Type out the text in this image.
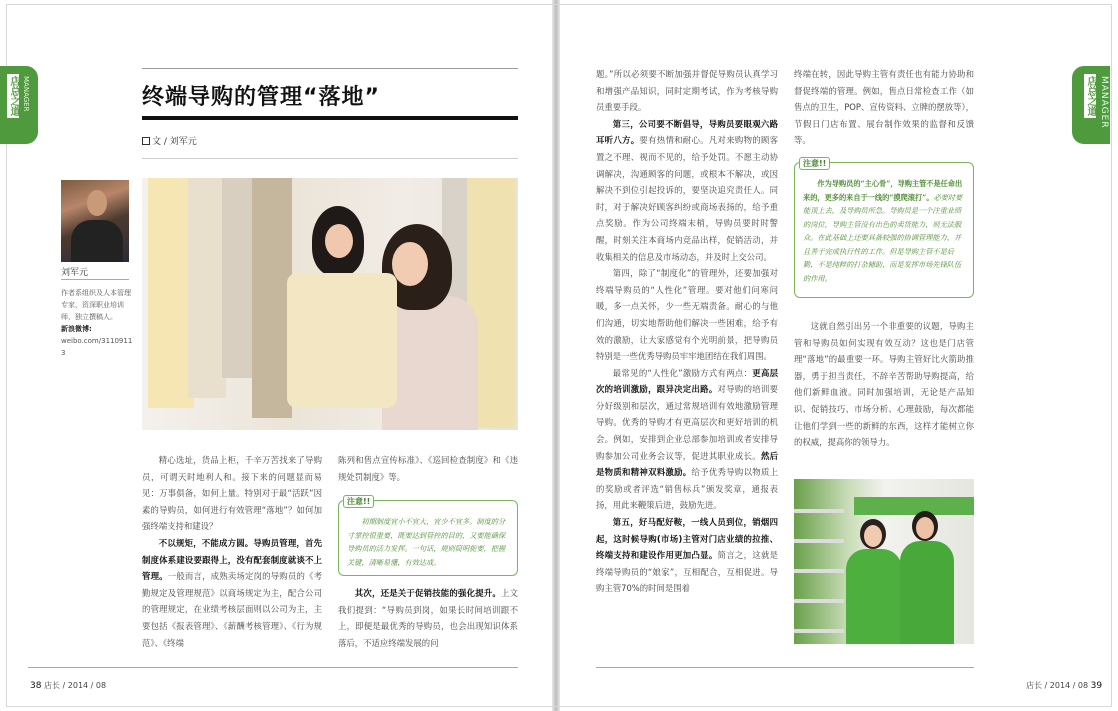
店总之道 MANAGER	店总之道 MANAGER
终端导购的管理“落地”
文 / 刘军元
刘军元
作者系组织及人本管理专家，资深职业培训师，独立撰稿人。
新浪微博:
weibo.com/3110911 3

精心选址，货品上柜，千辛万苦找来了导购员，可谓天时地利人和。接下来的问题显而易见：万事俱备，如何上量。特别对于最“活跃”因素的导购员，如何进行有效管理“落地”？如何加强终端支持和建设？

不以规矩，不能成方圆。导购员管理，首先制度体系建设要跟得上，没有配套制度就谈不上管理。一般而言，成熟卖场定岗的导购员的《考勤规定及管理规范》以商场规定为主，配合公司的管理规定，在业绩考核层面则以公司为主，主要包括《报表管理》、《薪酬考核管理》、《行为规范》、《终端

陈列和售点宣传标准》、《巡回检查制度》和《违规处罚制度》等。
注意!!
初期制度宜小不宜大，宜少不宜多。制度的分寸掌控很重要，既要达到管控的目的，又要能确保导购员的活力发挥。一句话，规则简明扼要，把握关键，清晰易懂，有效达成。

其次，还是关于促销技能的强化提升。上文我们提到：“导购员到岗，如果长时间培训跟不上，即便是最优秀的导购员，也会出现知识体系落后，不适应终端发展的问

题。”所以必须要不断加强并督促导购员认真学习和增强产品知识，同时定期考试，作为考核导购员重要手段。

第三，公司要不断倡导，导购员要眼观六路耳听八方。要有热情和耐心。凡对来购物的顾客置之不理、视而不见的，给予处罚。不愿主动协调解决，沟通顾客的问题，或根本不解决，或因解决不到位引起投诉的，要坚决追究责任人。同时，对于解决好顾客纠纷或商场表扬的，给予重点奖励。作为公司终端末梢，导购员要时时警醒，时刻关注本商场内竞品出样，促销活动，并收集相关的信息及市场动态，并及时上交公司。

第四，除了“制度化”的管理外，还要加强对终端导购员的“人性化”管理。要对他们问寒问暖，多一点关怀，少一些无端责备。耐心的与他们沟通，切实地帮助他们解决一些困难，给予有效的激励，让大家感觉有个光明前景，把导购员特别是一些优秀导购员牢牢地团结在我们周围。

最常见的“人性化”激励方式有两点：更高层次的培训激励，跟异决定出路。对导购的培训要分好级别和层次，通过常规培训有效地激励管理导购。优秀的导购才有更高层次和更好培训的机会。例如，安排到企业总部参加培训或者安排导购参加公司业务会议等，促进其职业成长。然后是物质和精神双料激励。给予优秀导购以物质上的奖励或者评选“销售标兵”颁发奖章，通报表扬，用此来鞭策后进，鼓励先进。

第五，好马配好鞍，一线人员到位，销烟四起，这时候导购(市场)主管对门店业绩的拉推、终端支持和建设作用更加凸显。简言之，这就是终端导购员的“娘家”，互相配合，互相促进。导购主管70%的时间是围着

终端在转，因此导购主管有责任也有能力协助和督促终端的管理。例如，售点日常检查工作（如售点的卫生，POP、宣传资料、立牌的摆放等），节假日门店布置、展台制作效果的监督和反馈等。
注意!!
作为导购员的“主心骨”，导购主管不是任命出来的，更多的来自于一线的“摸爬滚打”。必要时要能顶上去，及导购员所急。导购员是一个注重业绩的岗位，导购主管没有出色的卖货能力，则无法服众。在此基础上还要具备较强的协调管理能力，并且善于完成执行性的工作。但是导购主管不是后勤，不是纯粹的打杂辅助，而是发挥市场先锋队伍的作用。

这就自然引出另一个非重要的议题，导购主管和导购员如何实现有效互动？这也是门店管理“落地”的最重要一环。导购主管好比火箭助推器，勇于担当责任，不辞辛苦帮助导购提高，给他们新鲜血液。同时加强培训，无论是产品知识、促销技巧、市场分析、心理鼓励，每次都能让他们学到一些的新鲜的东西，这样才能树立你的权威，提高你的领导力。

38 店长 / 2014 / 08	店长 / 2014 / 08 39
